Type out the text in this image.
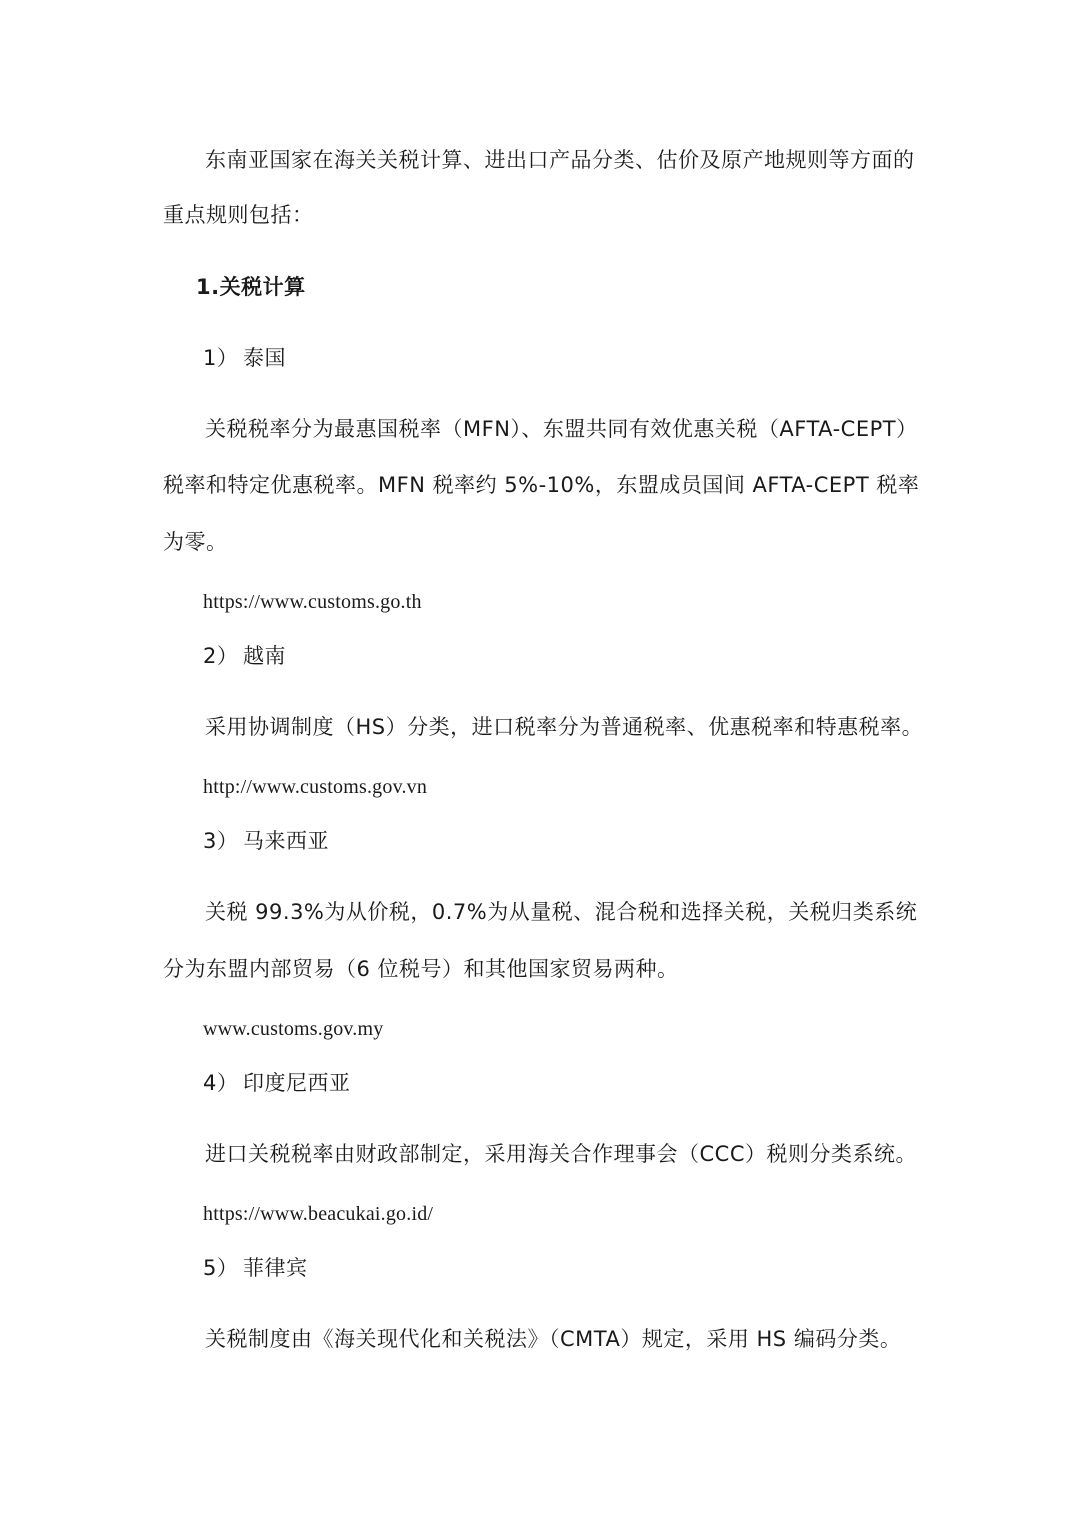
东南亚国家在海关关税计算、进出口产品分类、估价及原产地规则等方面的
重点规则包括：
1.关税计算
1） 泰国
关税税率分为最惠国税率（MFN）、东盟共同有效优惠关税（AFTA-CEPT）
税率和特定优惠税率。MFN 税率约 5%-10%，东盟成员国间 AFTA-CEPT 税率
为零。
https://www.customs.go.th
2） 越南
采用协调制度（HS）分类，进口税率分为普通税率、优惠税率和特惠税率。
http://www.customs.gov.vn
3） 马来西亚
关税 99.3%为从价税，0.7%为从量税、混合税和选择关税，关税归类系统
分为东盟内部贸易（6 位税号）和其他国家贸易两种。
www.customs.gov.my
4） 印度尼西亚
进口关税税率由财政部制定，采用海关合作理事会（CCC）税则分类系统。
https://www.beacukai.go.id/
5） 菲律宾
关税制度由《海关现代化和关税法》（CMTA）规定，采用 HS 编码分类。
